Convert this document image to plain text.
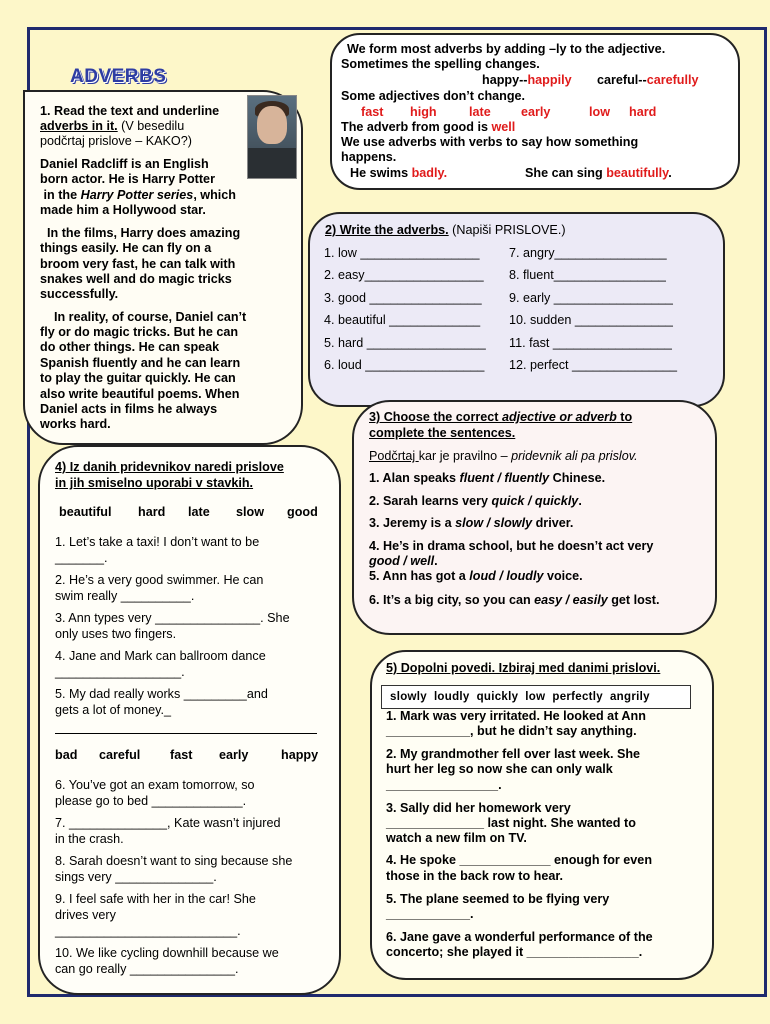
ADVERBS

1. Read the text and underline

adverbs in it. (V besedilu

podčrtaj prislove – KAKO?)

Daniel Radcliff is an English

born actor. He is Harry Potter

in the Harry Potter series, which

made him a Hollywood star.

In the films, Harry does amazing

things easily. He can fly on a

broom very fast, he can talk with

snakes well and do magic tricks

successfully.

In reality, of course, Daniel can’t

fly or do magic tricks. But he can

do other things. He can speak

Spanish fluently and he can learn

to play the guitar quickly. He can

also write beautiful poems. When

Daniel acts in films he always

works hard.

We form most adverbs by adding –ly to the adjective.

Sometimes the spelling changes.

happy--happily careful--carefully

Some adjectives don’t change.

fast high	late early	low hard

The adverb from good is well

We use adverbs with verbs to say how something

happens.

He swims badly.	She can sing beautifully.

2) Write the adverbs. (Napiši PRISLOVE.)

1. low _________________

2. easy_________________

3. good ________________

4. beautiful _____________

5. hard _________________

6. loud _________________

7. angry________________

8. fluent________________

9. early _________________

10. sudden ______________

11. fast _________________

12. perfect _______________

3) Choose the correct adjective or adverb to

complete the sentences.

Podčrtaj kar je pravilno – pridevnik ali pa prislov.

1. Alan speaks fluent / fluently Chinese.

2. Sarah learns very quick / quickly.

3. Jeremy is a slow / slowly driver.

4. He’s in drama school, but he doesn’t act very

good / well.

5. Ann has got a loud / loudly voice.

6. It’s a big city, so you can easy / easily get lost.

4) Iz danih pridevnikov naredi prislove

in jih smiselno uporabi v stavkih.

beautiful hard late slow good

1. Let’s take a taxi! I don’t want to be

_______.

2. He’s a very good swimmer. He can

swim really __________.

3. Ann types very _______________. She

only uses two fingers.

4. Jane and Mark can ballroom dance

__________________.

5. My dad really works _________and

gets a lot of money._

bad careful fast early	happy

6. You’ve got an exam tomorrow, so

please go to bed _____________.

7. ______________, Kate wasn’t injured

in the crash.

8. Sarah doesn’t want to sing because she

sings very ______________.

9. I feel safe with her in the car! She

drives very

__________________________.

10. We like cycling downhill because we

can go really _______________.

5) Dopolni povedi. Izbiraj med danimi prislovi.

slowly  loudly  quickly  low  perfectly  angrily

1. Mark was very irritated. He looked at Ann

____________, but he didn’t say anything.

2. My grandmother fell over last week. She

hurt her leg so now she can only walk

________________.

3. Sally did her homework very

______________ last night. She wanted to

watch a new film on TV.

4. He spoke _____________ enough for even

those in the back row to hear.

5. The plane seemed to be flying very

____________.

6. Jane gave a wonderful performance of the

concerto; she played it ________________.
